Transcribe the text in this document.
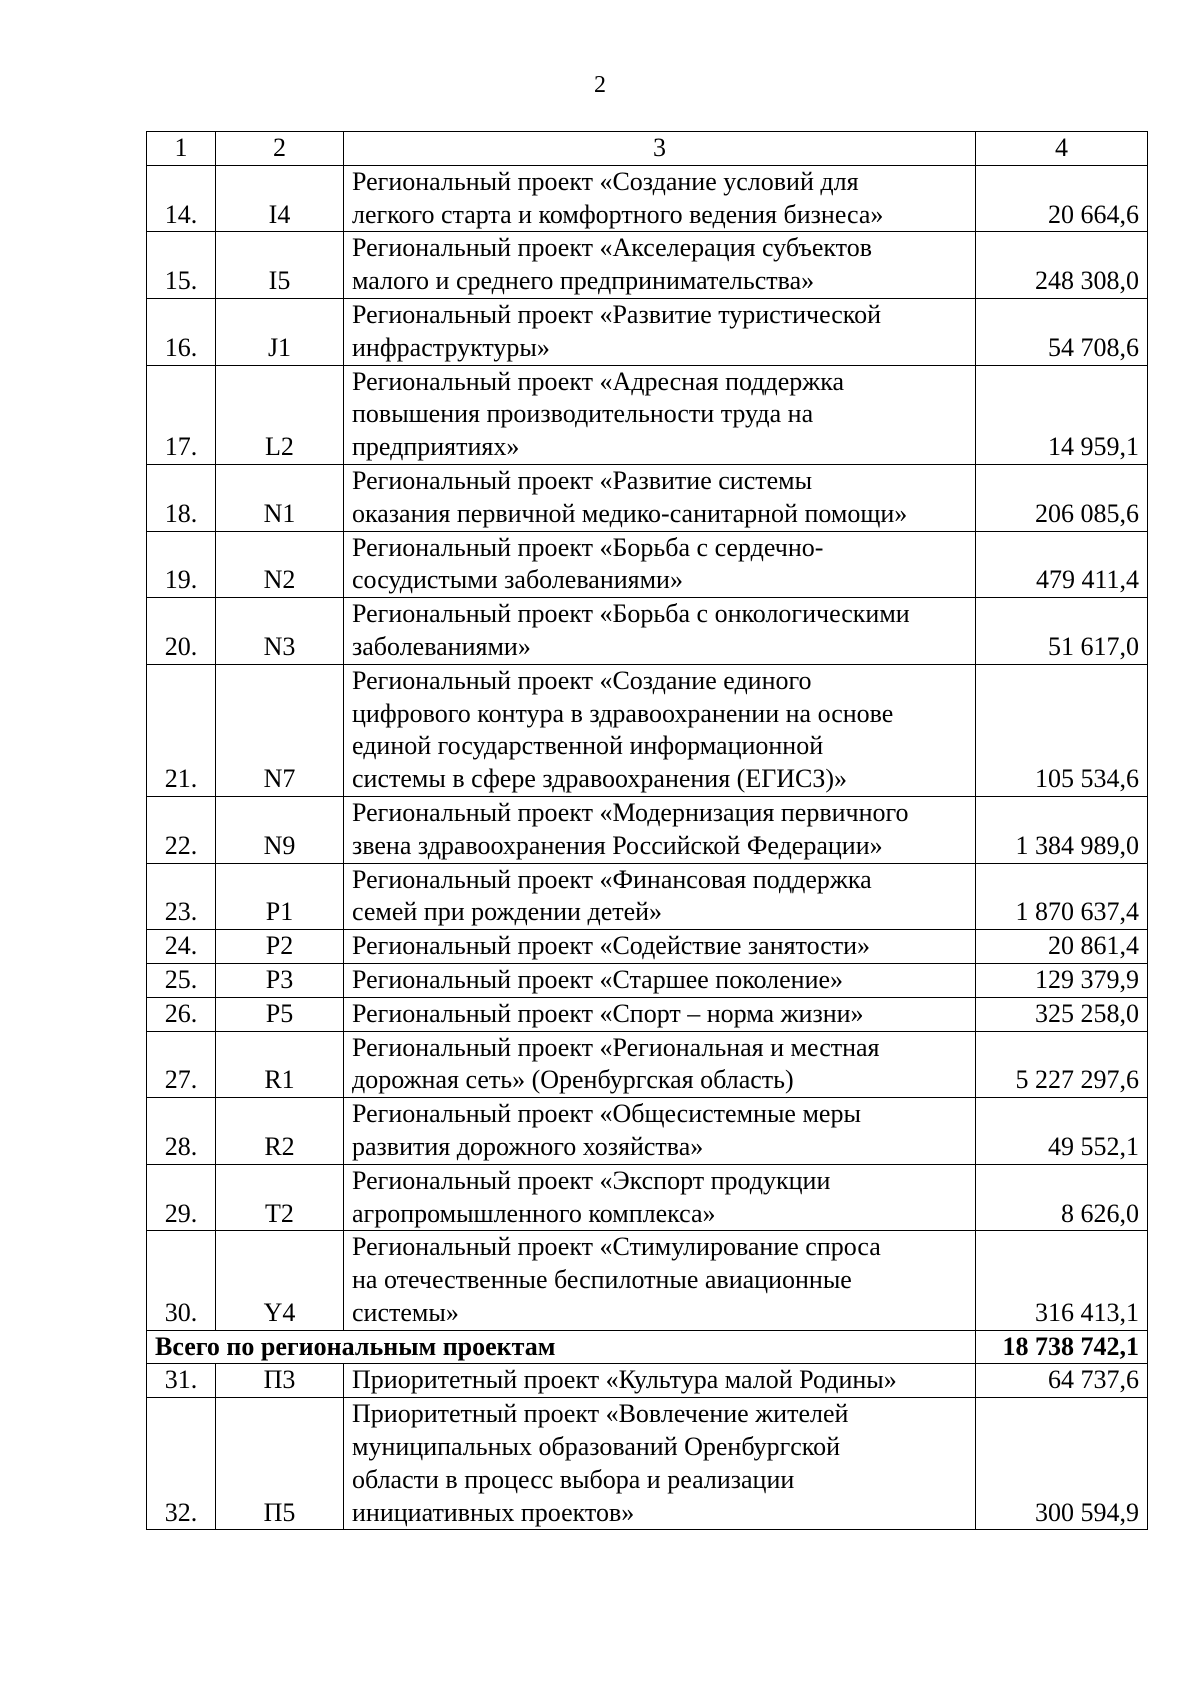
2
1	2	3	4
14.	I4	Региональный проект «Создание условий для
легкого старта и комфортного ведения бизнеса»	20 664,6
15.	I5	Региональный проект «Акселерация субъектов
малого и среднего предпринимательства»	248 308,0
16.	J1	Региональный проект «Развитие туристической
инфраструктуры»	54 708,6
17.	L2	Региональный проект «Адресная поддержка
повышения производительности труда на
предприятиях»	14 959,1
18.	N1	Региональный проект «Развитие системы
оказания первичной медико-санитарной помощи»	206 085,6
19.	N2	Региональный проект «Борьба с сердечно-
сосудистыми заболеваниями»	479 411,4
20.	N3	Региональный проект «Борьба с онкологическими
заболеваниями»	51 617,0
21.	N7	Региональный проект «Создание единого
цифрового контура в здравоохранении на основе
единой государственной информационной
системы в сфере здравоохранения (ЕГИСЗ)»	105 534,6
22.	N9	Региональный проект «Модернизация первичного
звена здравоохранения Российской Федерации»	1 384 989,0
23.	P1	Региональный проект «Финансовая поддержка
семей при рождении детей»	1 870 637,4
24.	P2	Региональный проект «Содействие занятости»	20 861,4
25.	P3	Региональный проект «Старшее поколение»	129 379,9
26.	P5	Региональный проект «Спорт – норма жизни»	325 258,0
27.	R1	Региональный проект «Региональная и местная
дорожная сеть» (Оренбургская область)	5 227 297,6
28.	R2	Региональный проект «Общесистемные меры
развития дорожного хозяйства»	49 552,1
29.	T2	Региональный проект «Экспорт продукции
агропромышленного комплекса»	8 626,0
30.	Y4	Региональный проект «Стимулирование спроса
на отечественные беспилотные авиационные
системы»	316 413,1
Всего по региональным проектам			18 738 742,1
31.	П3	Приоритетный проект «Культура малой Родины»	64 737,6
32.	П5	Приоритетный проект «Вовлечение жителей
муниципальных образований Оренбургской
области в процесс выбора и реализации
инициативных проектов»	300 594,9
